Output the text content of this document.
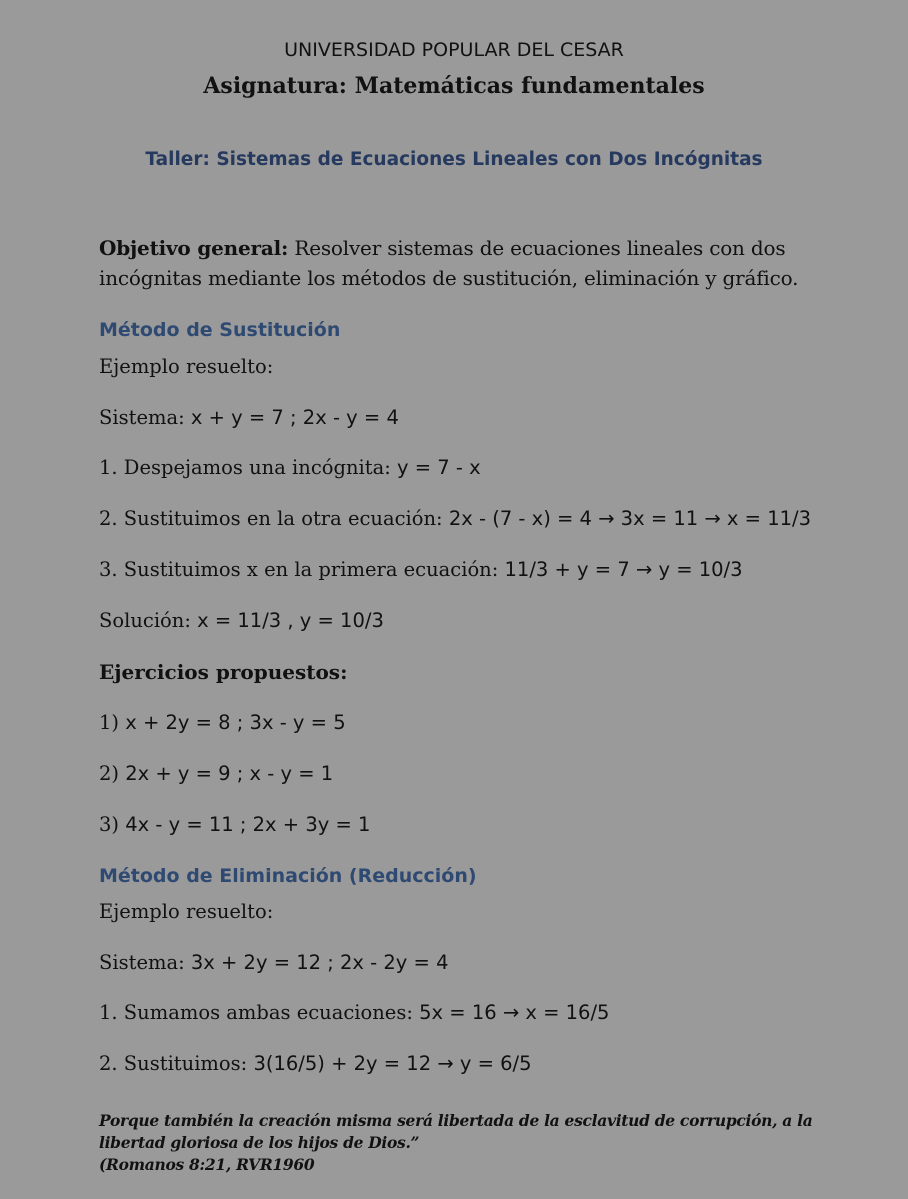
UNIVERSIDAD POPULAR DEL CESAR
Asignatura: Matemáticas fundamentales
Taller: Sistemas de Ecuaciones Lineales con Dos Incógnitas
Objetivo general: Resolver sistemas de ecuaciones lineales con dos incógnitas mediante los métodos de sustitución, eliminación y gráfico.
Método de Sustitución
Ejemplo resuelto:
Sistema: x + y = 7 ; 2x - y = 4
1. Despejamos una incógnita: y = 7 - x
2. Sustituimos en la otra ecuación: 2x - (7 - x) = 4 → 3x = 11 → x = 11/3
3. Sustituimos x en la primera ecuación: 11/3 + y = 7 → y = 10/3
Solución: x = 11/3 , y = 10/3
Ejercicios propuestos:
1) x + 2y = 8 ; 3x - y = 5
2) 2x + y = 9 ; x - y = 1
3) 4x - y = 11 ; 2x + 3y = 1
Método de Eliminación (Reducción)
Ejemplo resuelto:
Sistema: 3x + 2y = 12 ; 2x - 2y = 4
1. Sumamos ambas ecuaciones: 5x = 16 → x = 16/5
2. Sustituimos: 3(16/5) + 2y = 12 → y = 6/5
Porque también la creación misma será libertada de la esclavitud de corrupción, a la
libertad gloriosa de los hijos de Dios.”
(Romanos 8:21, RVR1960
